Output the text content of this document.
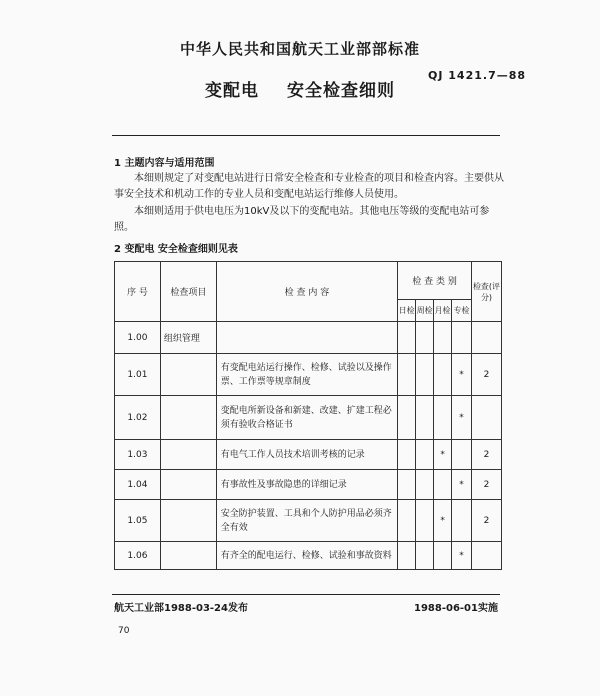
中华人民共和国航天工业部部标准
QJ 1421.7—88
变配电 安全检查细则
1 主题内容与适用范围
本细则规定了对变配电站进行日常安全检查和专业检查的项目和检查内容。主要供从事安全技术和机动工作的专业人员和变配电站运行维修人员使用。
本细则适用于供电电压为10kV及以下的变配电站。其他电压等级的变配电站可参照。
2 变配电 安全检查细则见表
序 号	检查项目	检 查 内 容	检 查 类 别				检查(评分)
			日检	周检	月检	专检	
1.00	组织管理						
1.01		有变配电站运行操作、检修、试验以及操作票、工作票等规章制度				*	2
1.02		变配电所新设备和新建、改建、扩建工程必须有验收合格证书				*	
1.03		有电气工作人员技术培训考核的记录			*		2
1.04		有事故性及事故隐患的详细记录				*	2
1.05		安全防护装置、工具和个人防护用品必须齐全有效			*		2
1.06		有齐全的配电运行、检修、试验和事故资料				*	
航天工业部1988-03-24发布	1988-06-01实施
70
